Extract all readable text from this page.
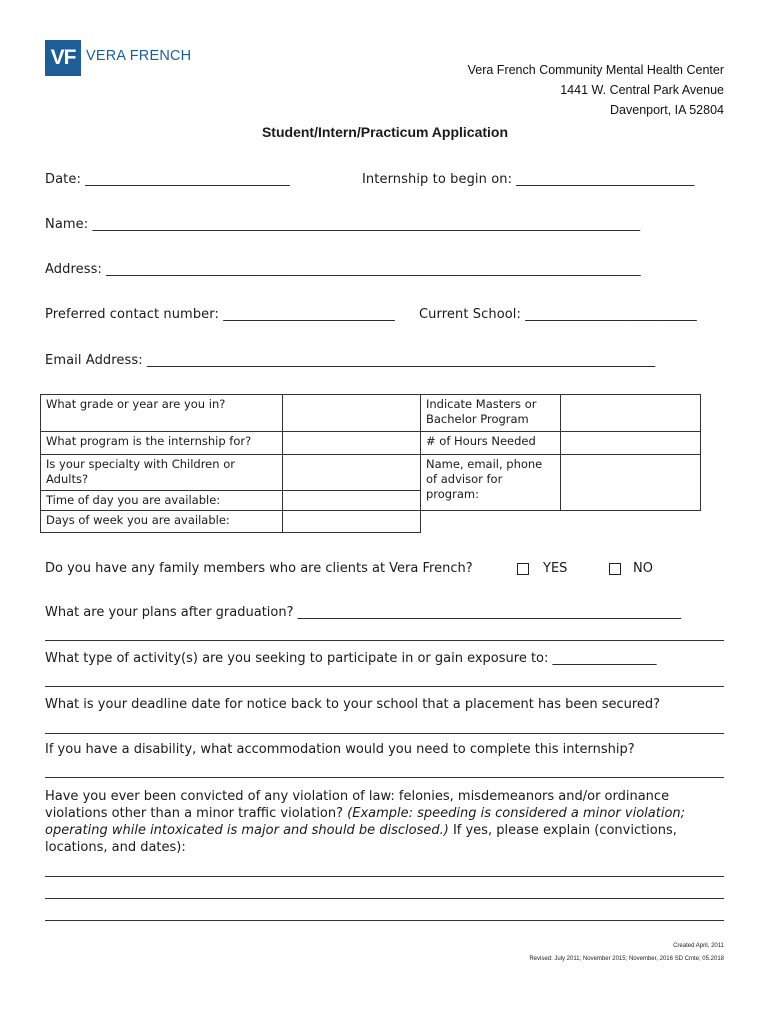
VF VERA FRENCH
Vera French Community Mental Health Center
1441 W. Central Park Avenue
Davenport, IA 52804
Student/Intern/Practicum Application
Date: _______________________________	Internship to begin on: ___________________________
Name: ___________________________________________________________________________________
Address: _________________________________________________________________________________
Preferred contact number: __________________________ Current School: __________________________
Email Address: _____________________________________________________________________________
What grade or year are you in?		Indicate Masters or Bachelor Program	
What program is the internship for?		# of Hours Needed	
Is your specialty with Children or Adults?		Name, email, phone of advisor for program:	
Time of day you are available:			
Days of week you are available:			
Do you have any family members who are clients at Vera French?	YES	NO
What are your plans after graduation? ___________________________________________________________
What type of activity(s) are you seeking to participate in or gain exposure to: ________________
What is your deadline date for notice back to your school that a placement has been secured?
If you have a disability, what accommodation would you need to complete this internship?
Have you ever been convicted of any violation of law: felonies, misdemeanors and/or ordinance
violations other than a minor traffic violation? (Example: speeding is considered a minor violation;
operating while intoxicated is major and should be disclosed.) If yes, please explain (convictions,
locations, and dates):
Created April, 2011
Revised: July 2011; November 2015; November, 2016 SD Cmte; 05.2018
